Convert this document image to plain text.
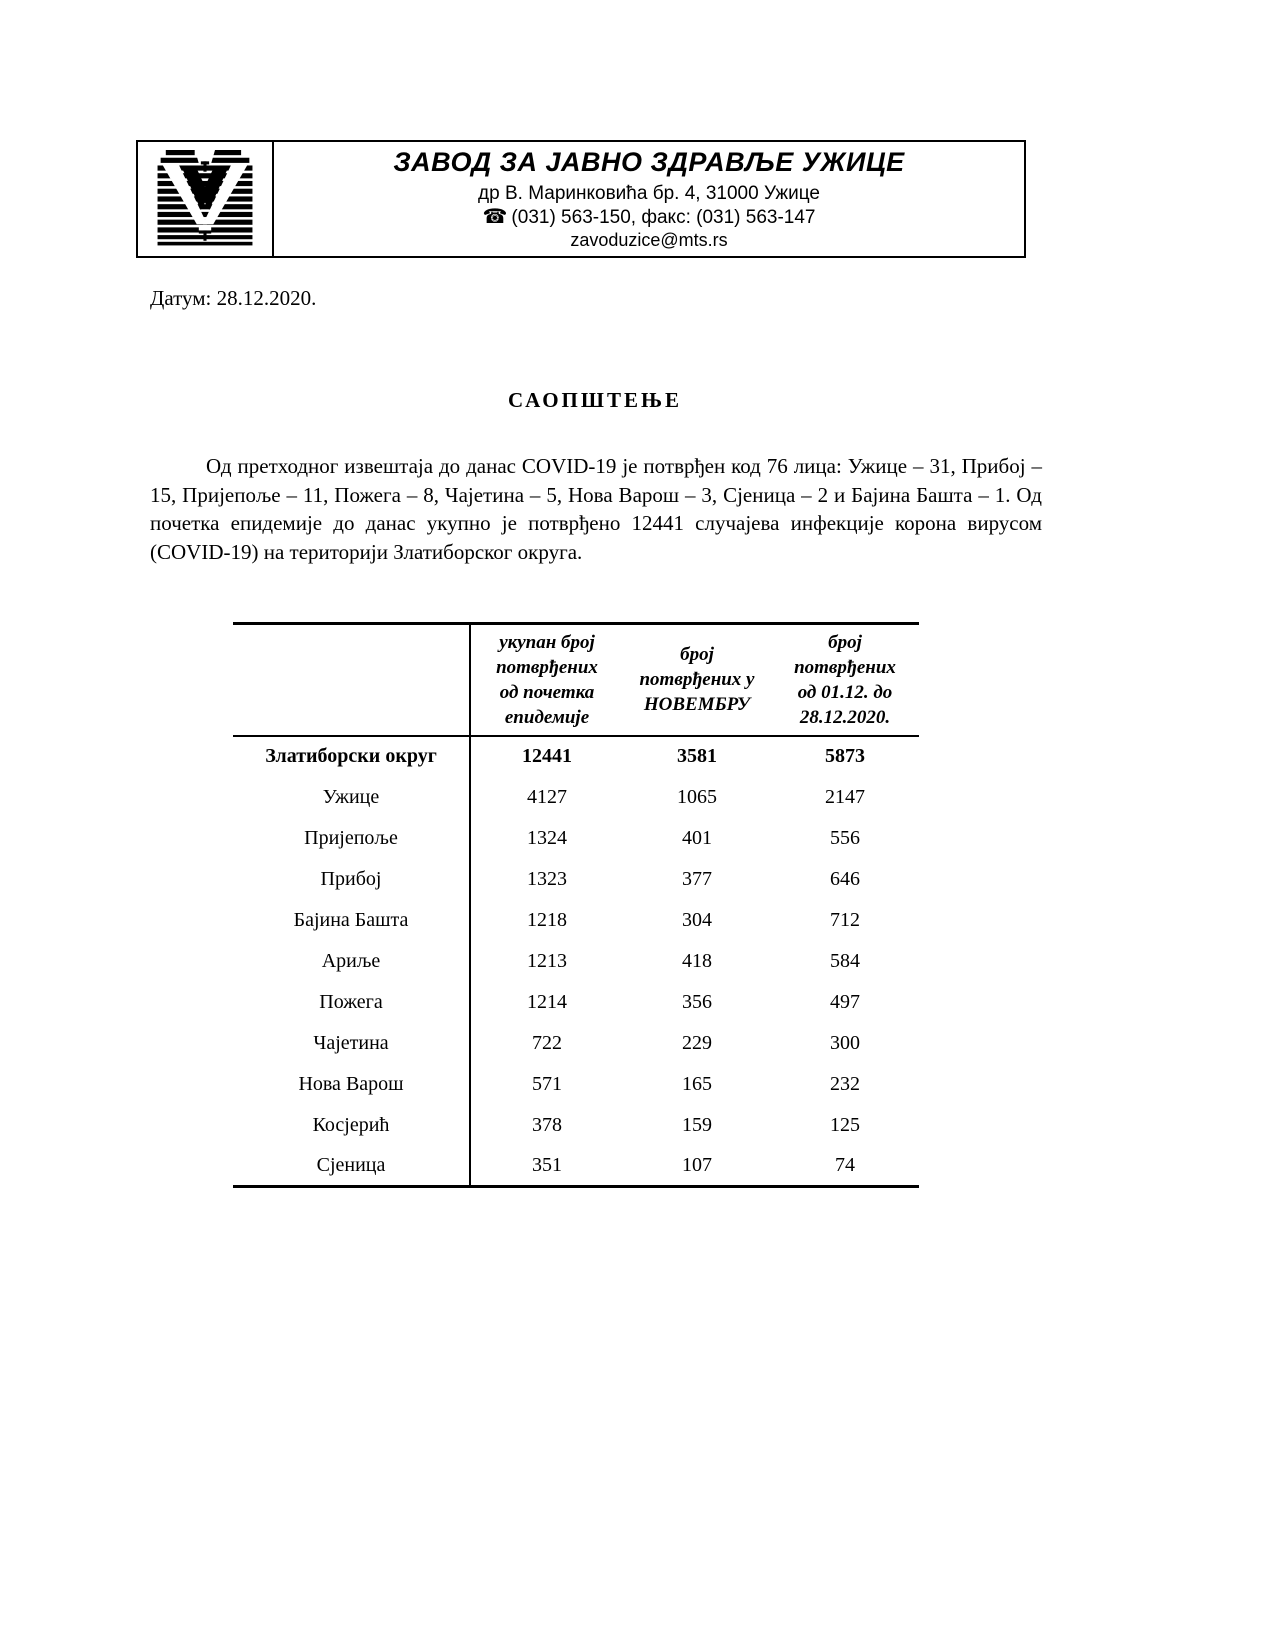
ЗАВОД ЗА ЈАВНО ЗДРАВЉЕ УЖИЦЕ
др В. Маринковића бр. 4, 31000 Ужице
☎ (031) 563-150, факс: (031) 563-147
zavoduzice@mts.rs
Датум: 28.12.2020.
САОПШТЕЊЕ

Од претходног извештаја до данас COVID-19 је потврђен код 76 лица: Ужице – 31, Прибој – 15, Пријепоље – 11, Пожега – 8, Чајетина – 5, Нова Варош – 3, Сјеница – 2 и Бајина Башта – 1. Од почетка епидемије до данас укупно је потврђено 12441 случајева инфекције корона вирусом (COVID-19) на територији Златиборског округа.

	укупан број потврђених од почетка епидемије	број потврђених у НОВЕМБРУ	број потврђених од 01.12. до 28.12.2020.
Златиборски округ	12441	3581	5873
Ужице	4127	1065	2147
Пријепоље	1324	401	556
Прибој	1323	377	646
Бајина Башта	1218	304	712
Ариље	1213	418	584
Пожега	1214	356	497
Чајетина	722	229	300
Нова Варош	571	165	232
Косјерић	378	159	125
Сјеница	351	107	74
